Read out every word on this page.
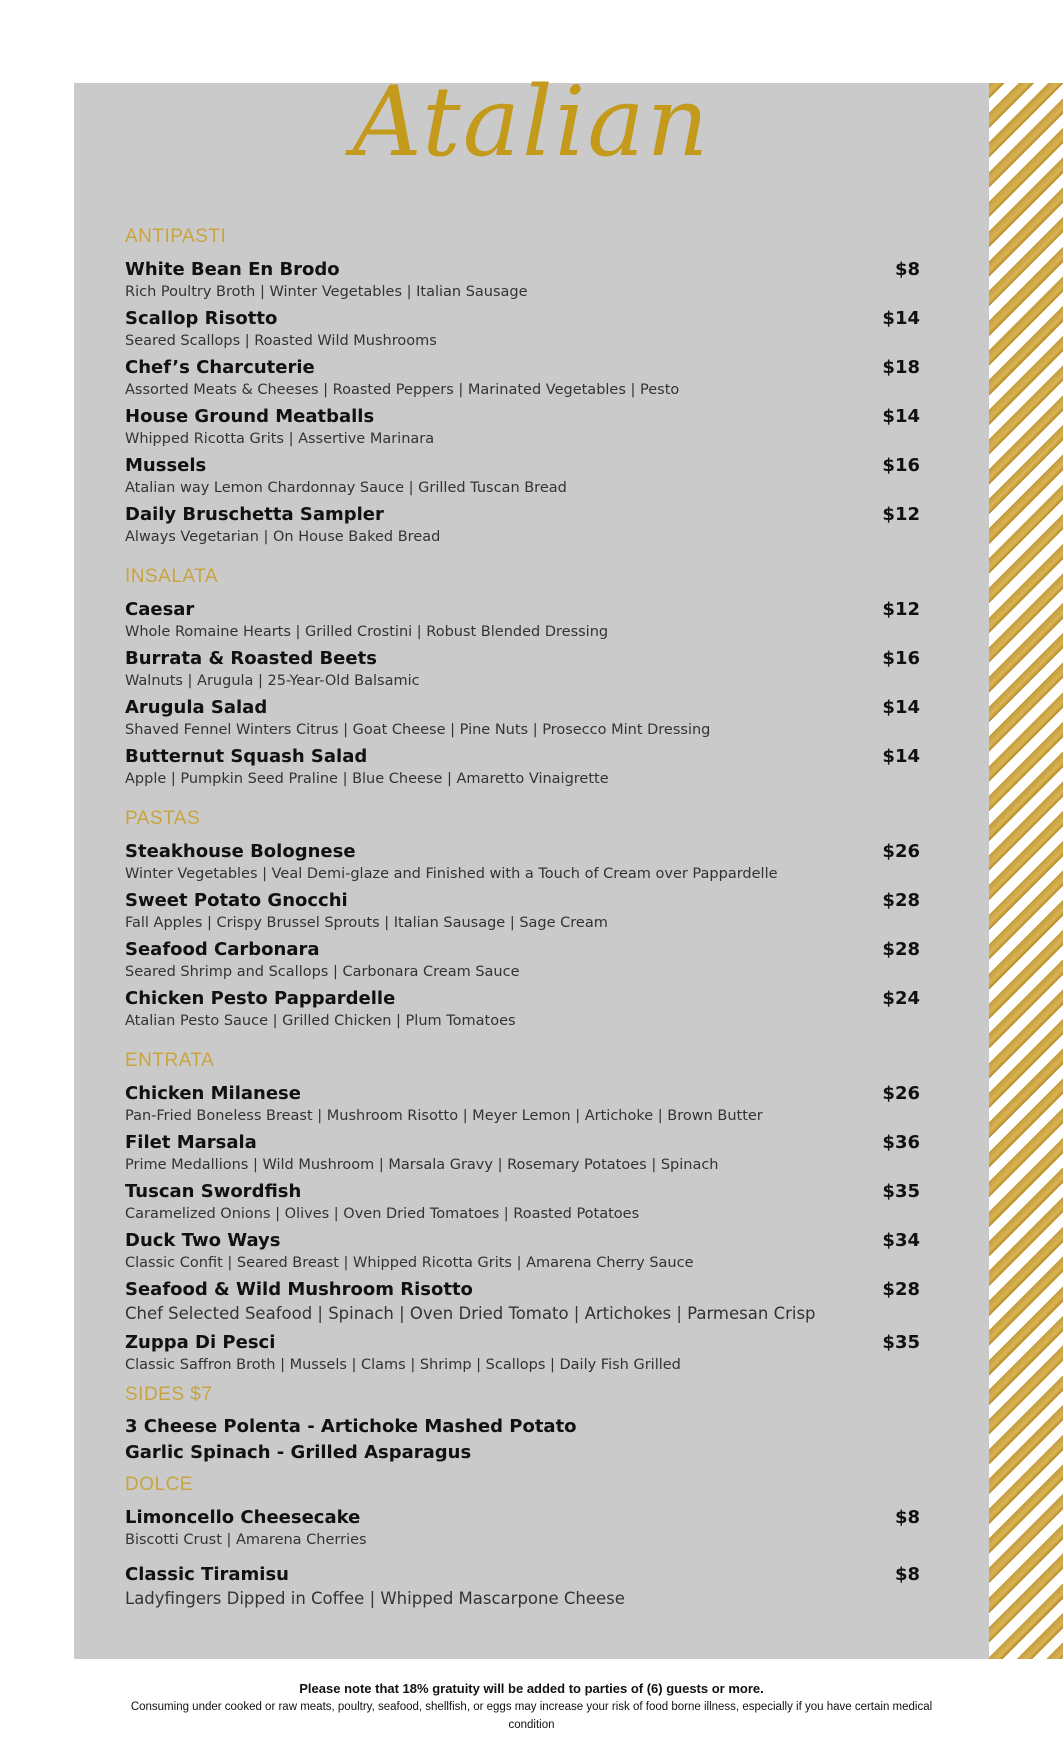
Atalian
ANTIPASTI
White Bean En Brodo	$8
Rich Poultry Broth | Winter Vegetables | Italian Sausage
Scallop Risotto	$14
Seared Scallops | Roasted Wild Mushrooms
Chef’s Charcuterie	$18
Assorted Meats & Cheeses | Roasted Peppers | Marinated Vegetables | Pesto
House Ground Meatballs	$14
Whipped Ricotta Grits | Assertive Marinara
Mussels	$16
Atalian way Lemon Chardonnay Sauce | Grilled Tuscan Bread
Daily Bruschetta Sampler	$12
Always Vegetarian | On House Baked Bread
INSALATA
Caesar	$12
Whole Romaine Hearts | Grilled Crostini | Robust Blended Dressing
Burrata & Roasted Beets	$16
Walnuts | Arugula | 25-Year-Old Balsamic
Arugula Salad	$14
Shaved Fennel Winters Citrus | Goat Cheese | Pine Nuts | Prosecco Mint Dressing
Butternut Squash Salad	$14
Apple | Pumpkin Seed Praline | Blue Cheese | Amaretto Vinaigrette
PASTAS
Steakhouse Bolognese	$26
Winter Vegetables | Veal Demi-glaze and Finished with a Touch of Cream over Pappardelle
Sweet Potato Gnocchi	$28
Fall Apples | Crispy Brussel Sprouts | Italian Sausage | Sage Cream
Seafood Carbonara	$28
Seared Shrimp and Scallops | Carbonara Cream Sauce
Chicken Pesto Pappardelle	$24
Atalian Pesto Sauce | Grilled Chicken | Plum Tomatoes
ENTRATA
Chicken Milanese	$26
Pan-Fried Boneless Breast | Mushroom Risotto | Meyer Lemon | Artichoke | Brown Butter
Filet Marsala	$36
Prime Medallions | Wild Mushroom | Marsala Gravy | Rosemary Potatoes | Spinach
Tuscan Swordfish	$35
Caramelized Onions | Olives | Oven Dried Tomatoes | Roasted Potatoes
Duck Two Ways	$34
Classic Confit | Seared Breast | Whipped Ricotta Grits | Amarena Cherry Sauce
Seafood & Wild Mushroom Risotto	$28
Chef Selected Seafood | Spinach | Oven Dried Tomato | Artichokes | Parmesan Crisp
Zuppa Di Pesci	$35
Classic Saffron Broth | Mussels | Clams | Shrimp | Scallops | Daily Fish Grilled
SIDES $7
3 Cheese Polenta - Artichoke Mashed Potato
Garlic Spinach - Grilled Asparagus
DOLCE
Limoncello Cheesecake	$8
Biscotti Crust | Amarena Cherries
Classic Tiramisu	$8
Ladyfingers Dipped in Coffee | Whipped Mascarpone Cheese
Please note that 18% gratuity will be added to parties of (6) guests or more.
Consuming under cooked or raw meats, poultry, seafood, shellfish, or eggs may increase your risk of food borne illness, especially if you have certain medical condition
